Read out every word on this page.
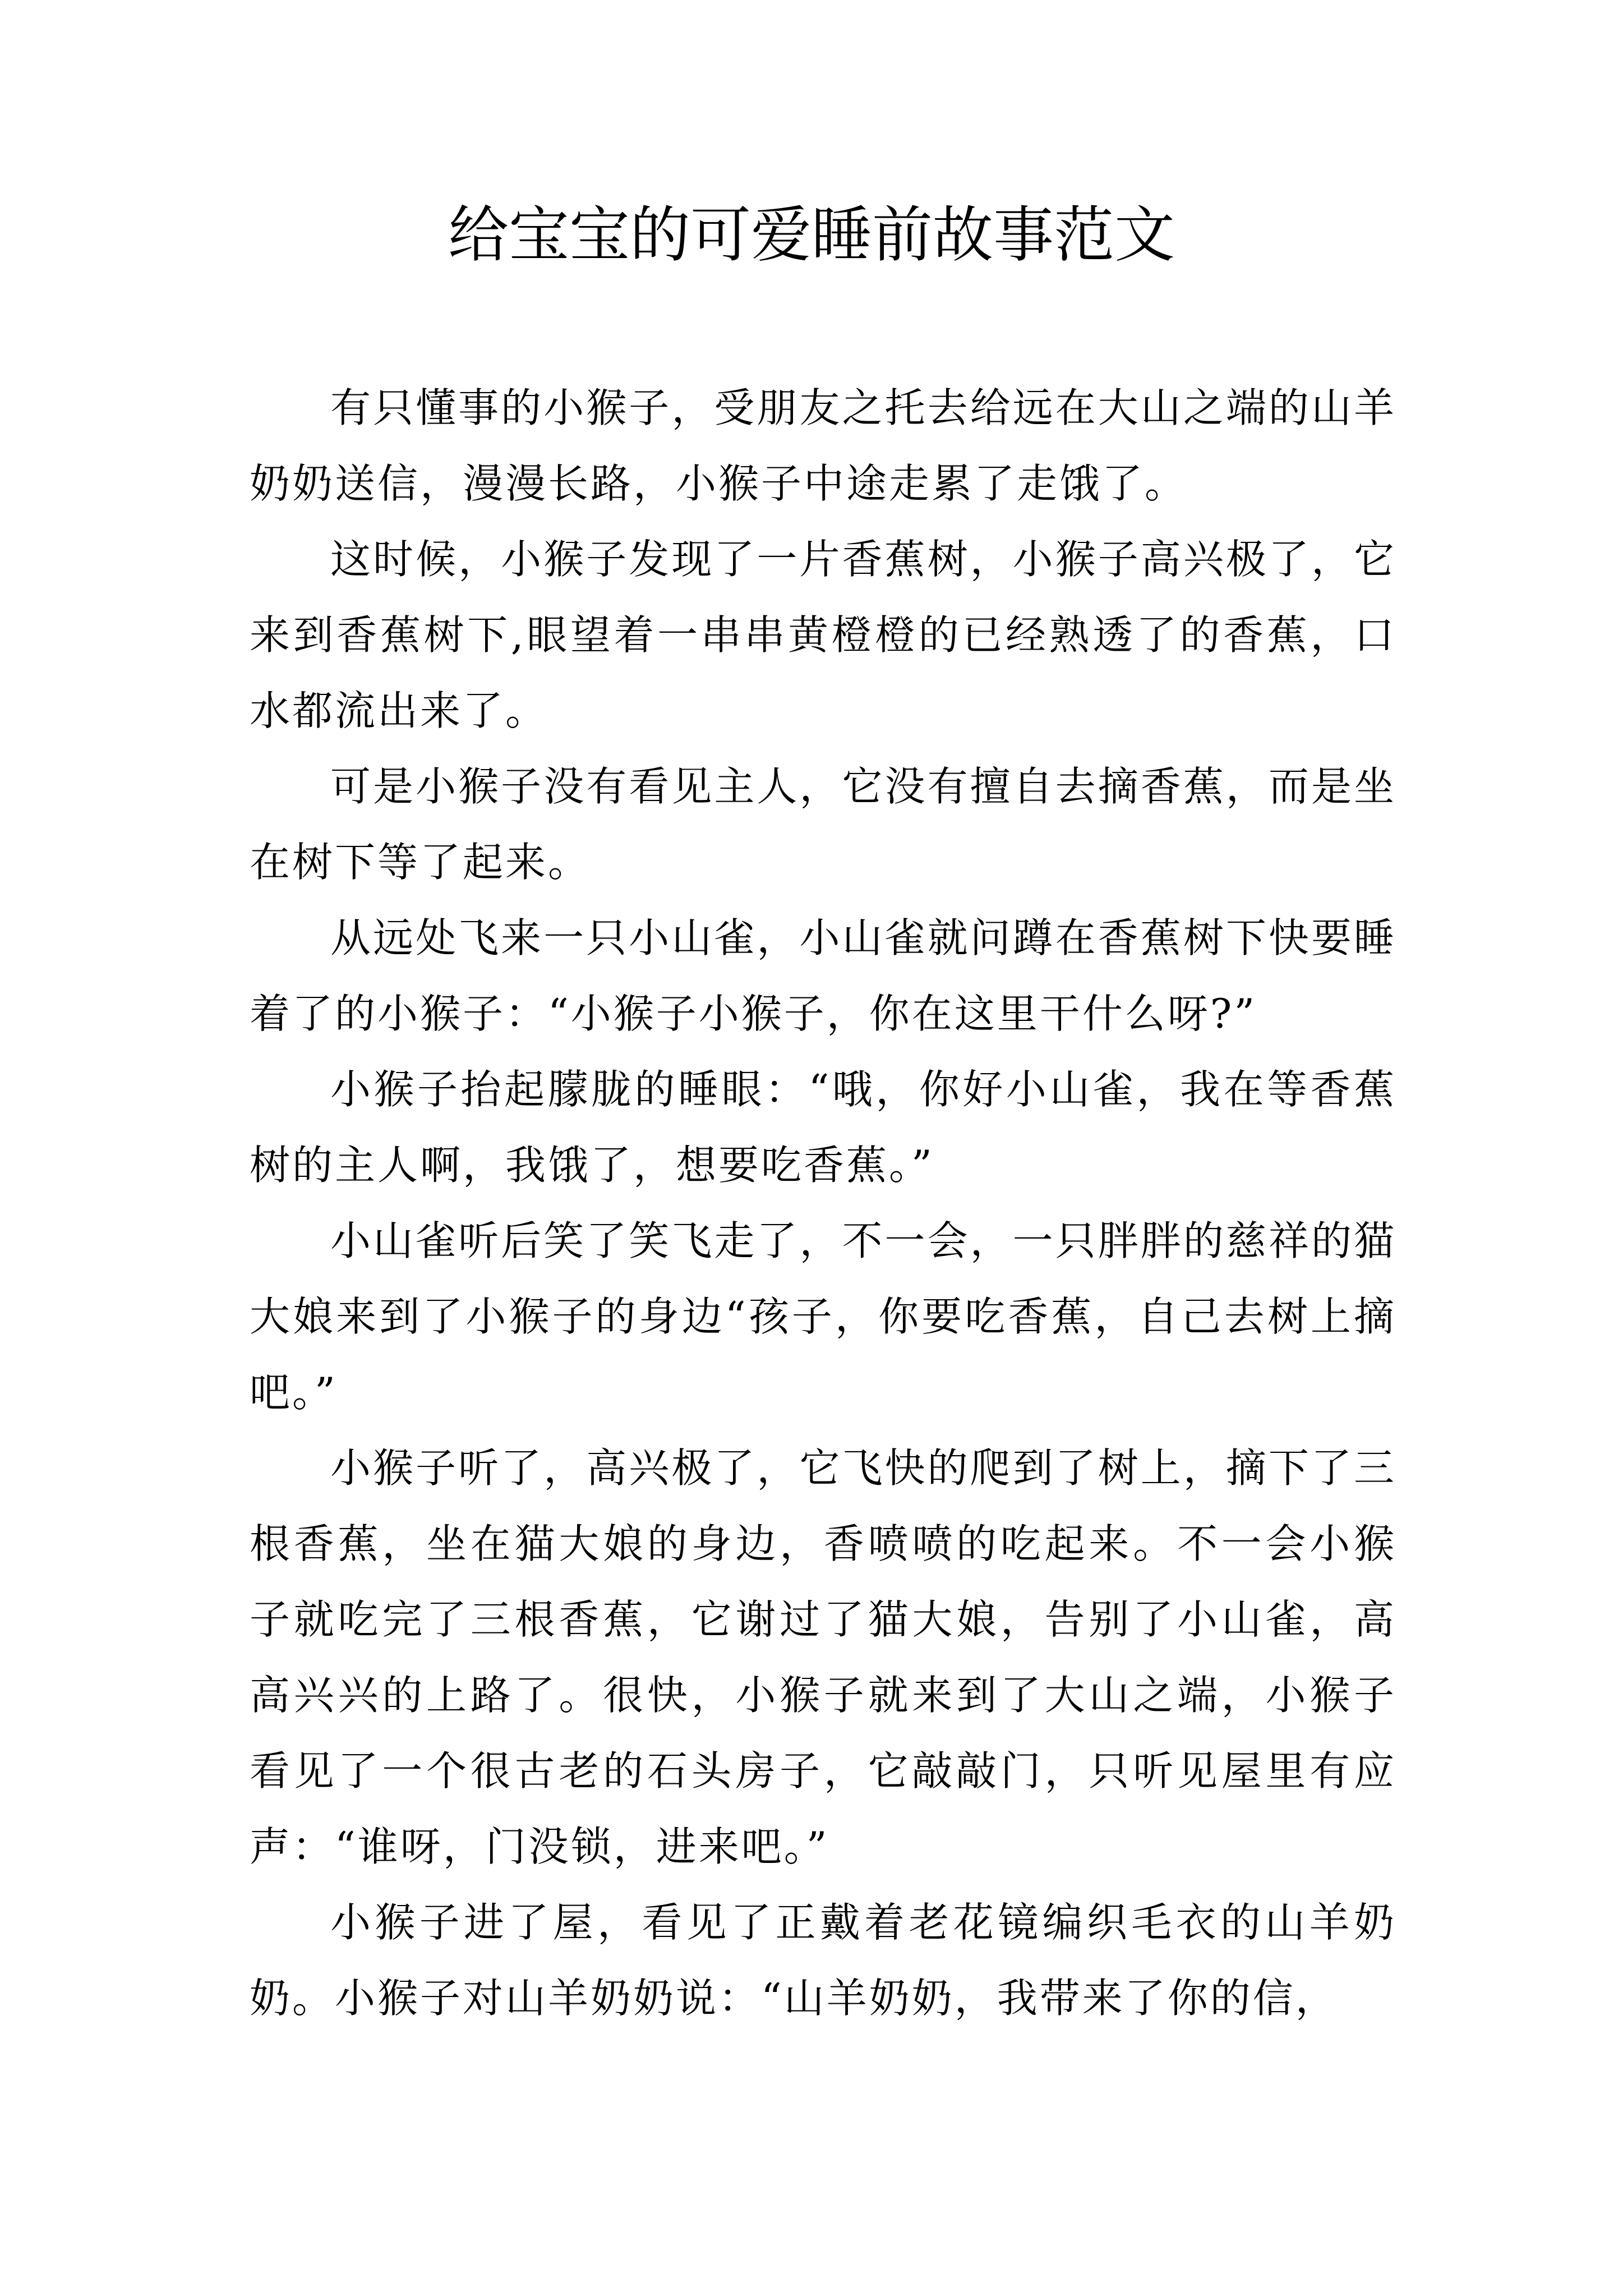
给宝宝的可爱睡前故事范文

有只懂事的小猴子，受朋友之托去给远在大山之端的山羊奶奶送信，漫漫长路，小猴子中途走累了走饿了。

这时候，小猴子发现了一片香蕉树，小猴子高兴极了，它来到香蕉树下,眼望着一串串黄橙橙的已经熟透了的香蕉，口水都流出来了。

可是小猴子没有看见主人，它没有擅自去摘香蕉，而是坐在树下等了起来。

从远处飞来一只小山雀，小山雀就问蹲在香蕉树下快要睡着了的小猴子：“小猴子小猴子，你在这里干什么呀?”

小猴子抬起朦胧的睡眼：“哦，你好小山雀，我在等香蕉树的主人啊，我饿了，想要吃香蕉。”

小山雀听后笑了笑飞走了，不一会，一只胖胖的慈祥的猫大娘来到了小猴子的身边“孩子，你要吃香蕉，自己去树上摘吧。”

小猴子听了，高兴极了，它飞快的爬到了树上，摘下了三根香蕉，坐在猫大娘的身边，香喷喷的吃起来。不一会小猴子就吃完了三根香蕉，它谢过了猫大娘，告别了小山雀，高高兴兴的上路了。很快，小猴子就来到了大山之端，小猴子看见了一个很古老的石头房子，它敲敲门，只听见屋里有应声：“谁呀，门没锁，进来吧。”

小猴子进了屋，看见了正戴着老花镜编织毛衣的山羊奶奶。小猴子对山羊奶奶说：“山羊奶奶，我带来了你的信，
